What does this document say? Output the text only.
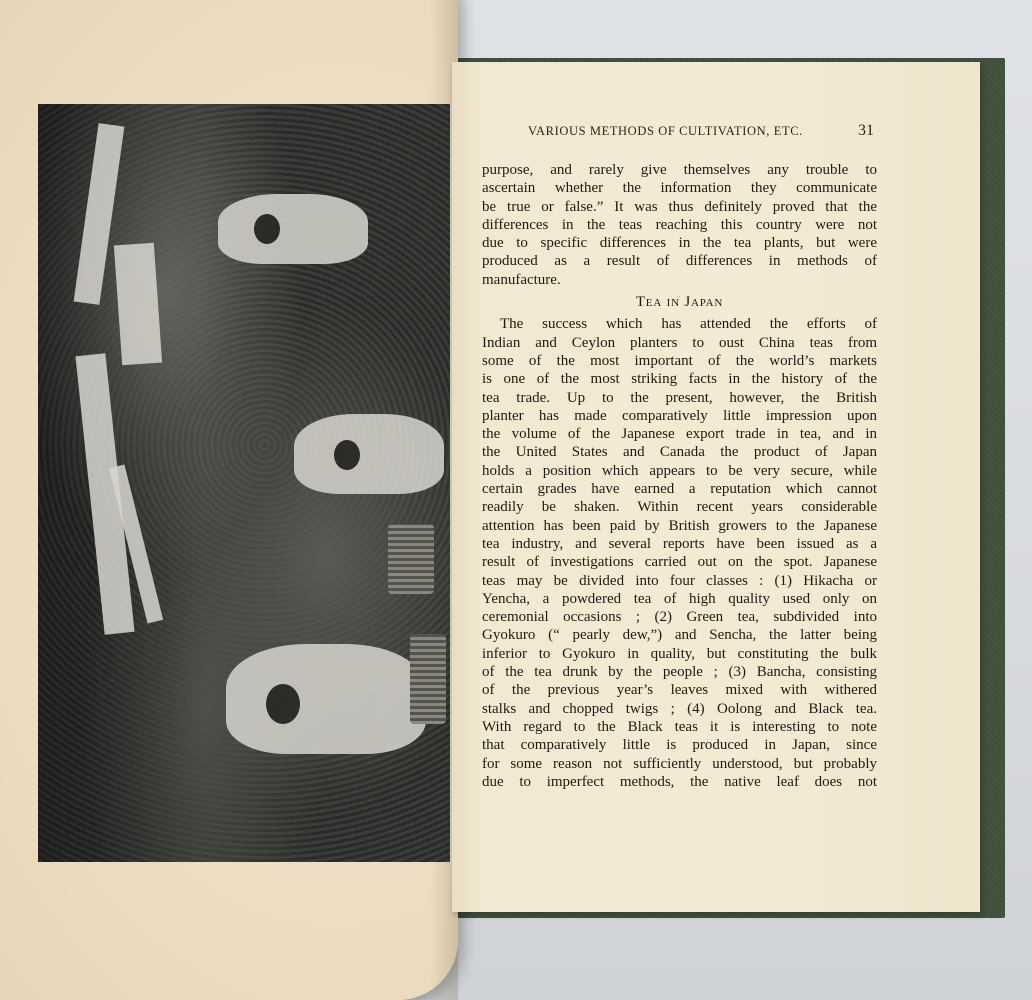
VARIOUS METHODS OF CULTIVATION, ETC.	31
purpose, and rarely give themselves any trouble to
ascertain whether the information they communicate
be true or false.” It was thus definitely proved that the
differences in the teas reaching this country were not
due to specific differences in the tea plants, but were
produced as a result of differences in methods of
manufacture.
Tea in Japan
The success which has attended the efforts of
Indian and Ceylon planters to oust China teas from
some of the most important of the world’s markets
is one of the most striking facts in the history of the
tea trade. Up to the present, however, the British
planter has made comparatively little impression upon
the volume of the Japanese export trade in tea, and in
the United States and Canada the product of Japan
holds a position which appears to be very secure, while
certain grades have earned a reputation which cannot
readily be shaken. Within recent years considerable
attention has been paid by British growers to the Japanese
tea industry, and several reports have been issued as a
result of investigations carried out on the spot. Japanese
teas may be divided into four classes : (1) Hikacha or
Yencha, a powdered tea of high quality used only on
ceremonial occasions ; (2) Green tea, subdivided into
Gyokuro (“ pearly dew,”) and Sencha, the latter being
inferior to Gyokuro in quality, but constituting the bulk
of the tea drunk by the people ; (3) Bancha, consisting
of the previous year’s leaves mixed with withered
stalks and chopped twigs ; (4) Oolong and Black tea.
With regard to the Black teas it is interesting to note
that comparatively little is produced in Japan, since
for some reason not sufficiently understood, but probably
due to imperfect methods, the native leaf does not
